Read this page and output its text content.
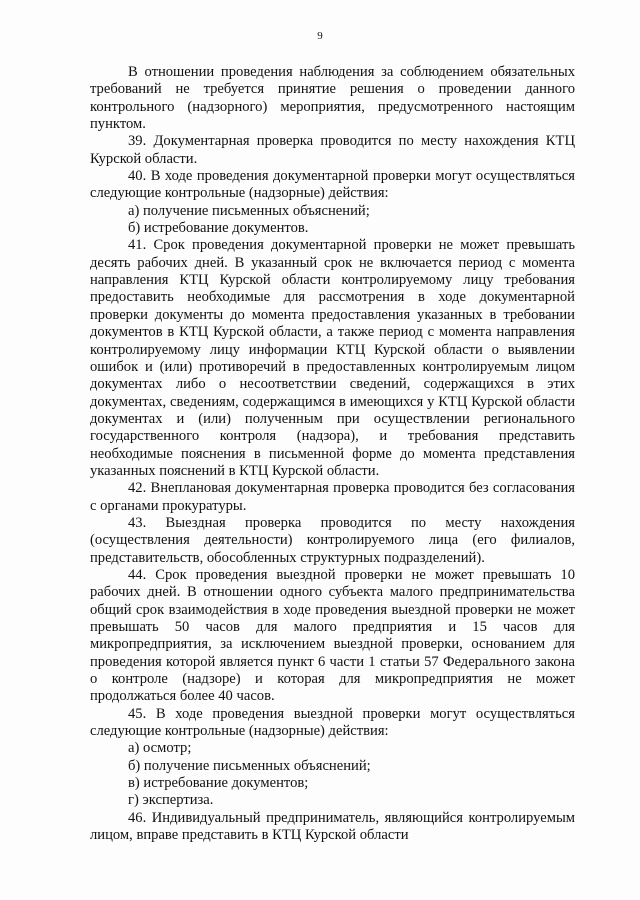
9

В отношении проведения наблюдения за соблюдением обязательных требований не требуется принятие решения о проведении данного контрольного (надзорного) мероприятия, предусмотренного настоящим пунктом.

39. Документарная проверка проводится по месту нахождения КТЦ Курской области.

40. В ходе проведения документарной проверки могут осуществляться следующие контрольные (надзорные) действия:

а) получение письменных объяснений;

б) истребование документов.

41. Срок проведения документарной проверки не может превышать десять рабочих дней. В указанный срок не включается период с момента направления КТЦ Курской области контролируемому лицу требования предоставить необходимые для рассмотрения в ходе документарной проверки документы до момента предоставления указанных в требовании документов в КТЦ Курской области, а также период с момента направления контролируемому лицу информации КТЦ Курской области о выявлении ошибок и (или) противоречий в предоставленных контролируемым лицом документах либо о несоответствии сведений, содержащихся в этих документах, сведениям, содержащимся в имеющихся у КТЦ Курской области документах и (или) полученным при осуществлении регионального государственного контроля (надзора), и требования представить необходимые пояснения в письменной форме до момента представления указанных пояснений в КТЦ Курской области.

42. Внеплановая документарная проверка проводится без согласования с органами прокуратуры.

43. Выездная проверка проводится по месту нахождения (осуществления деятельности) контролируемого лица (его филиалов, представительств, обособленных структурных подразделений).

44. Срок проведения выездной проверки не может превышать 10 рабочих дней. В отношении одного субъекта малого предпринимательства общий срок взаимодействия в ходе проведения выездной проверки не может превышать 50 часов для малого предприятия и 15 часов для микропредприятия, за исключением выездной проверки, основанием для проведения которой является пункт 6 части 1 статьи 57 Федерального закона о контроле (надзоре) и которая для микропредприятия не может продолжаться более 40 часов.

45. В ходе проведения выездной проверки могут осуществляться следующие контрольные (надзорные) действия:

а) осмотр;

б) получение письменных объяснений;

в) истребование документов;

г) экспертиза.

46. Индивидуальный предприниматель, являющийся контролируемым лицом, вправе представить в КТЦ Курской области
